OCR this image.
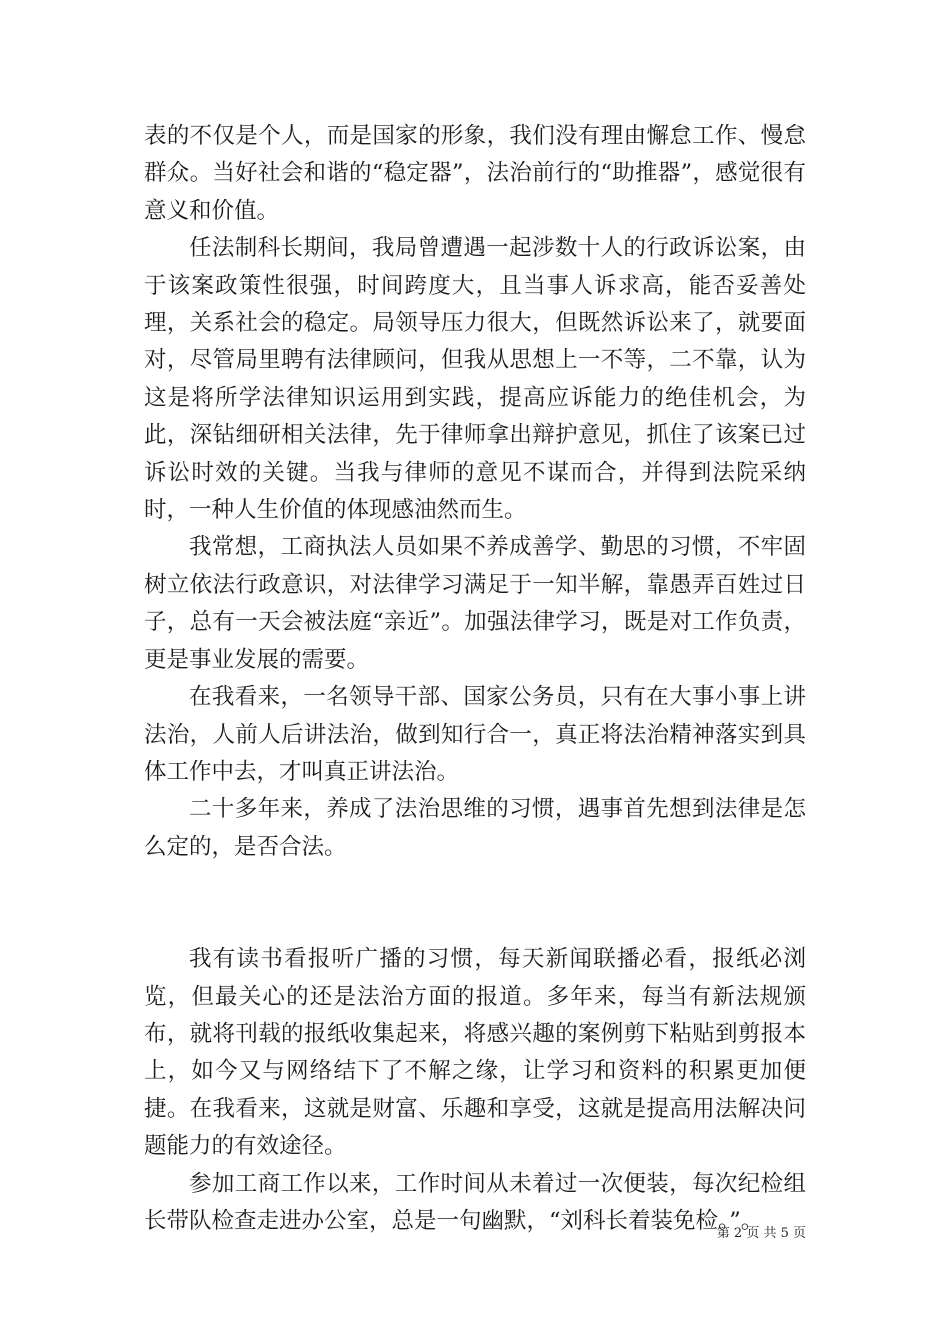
表的不仅是个人，而是国家的形象，我们没有理由懈怠工作、慢怠群众。当好社会和谐的“稳定器”，法治前行的“助推器”，感觉很有意义和价值。

任法制科长期间，我局曾遭遇一起涉数十人的行政诉讼案，由于该案政策性很强，时间跨度大，且当事人诉求高，能否妥善处理，关系社会的稳定。局领导压力很大，但既然诉讼来了，就要面对，尽管局里聘有法律顾问，但我从思想上一不等，二不靠，认为这是将所学法律知识运用到实践，提高应诉能力的绝佳机会，为此，深钻细研相关法律，先于律师拿出辩护意见，抓住了该案已过诉讼时效的关键。当我与律师的意见不谋而合，并得到法院采纳时，一种人生价值的体现感油然而生。

我常想，工商执法人员如果不养成善学、勤思的习惯，不牢固树立依法行政意识，对法律学习满足于一知半解，靠愚弄百姓过日子，总有一天会被法庭“亲近”。加强法律学习，既是对工作负责，更是事业发展的需要。

在我看来，一名领导干部、国家公务员，只有在大事小事上讲法治，人前人后讲法治，做到知行合一，真正将法治精神落实到具体工作中去，才叫真正讲法治。

二十多年来，养成了法治思维的习惯，遇事首先想到法律是怎么定的，是否合法。

我有读书看报听广播的习惯，每天新闻联播必看，报纸必浏览，但最关心的还是法治方面的报道。多年来，每当有新法规颁布，就将刊载的报纸收集起来，将感兴趣的案例剪下粘贴到剪报本上，如今又与网络结下了不解之缘，让学习和资料的积累更加便捷。在我看来，这就是财富、乐趣和享受，这就是提高用法解决问题能力的有效途径。

参加工商工作以来，工作时间从未着过一次便装，每次纪检组长带队检查走进办公室，总是一句幽默，“刘科长着装免检。”。

第 2 页 共 5 页
